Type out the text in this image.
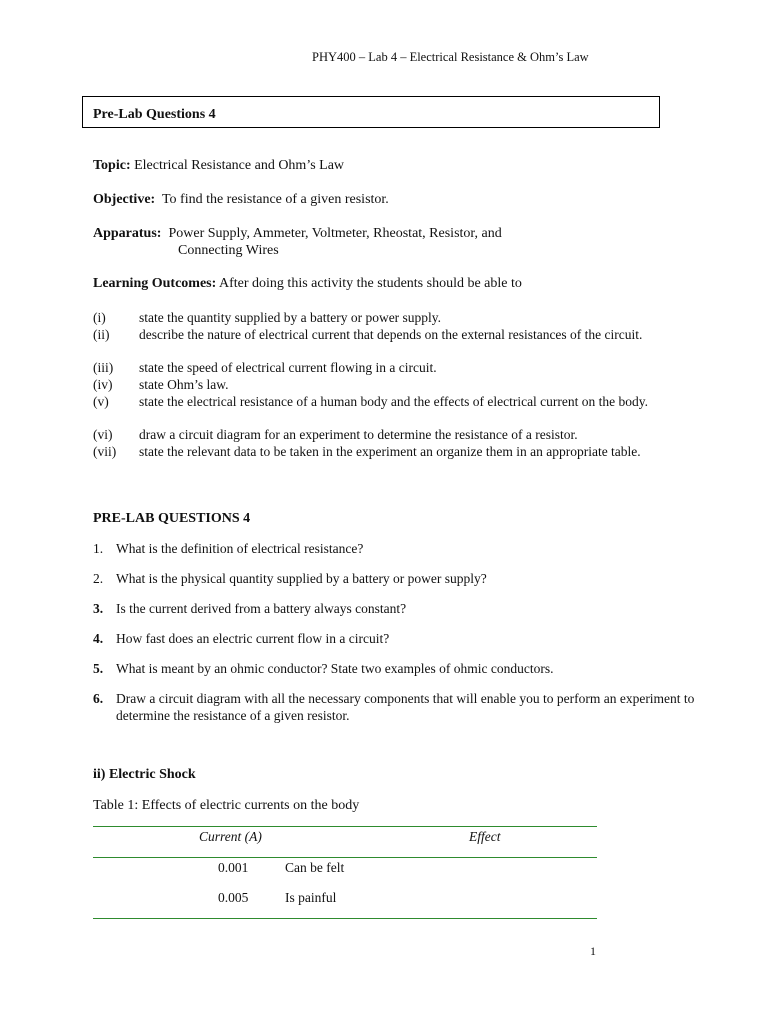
PHY400 – Lab 4 – Electrical Resistance & Ohm’s Law
Pre-Lab Questions 4
Topic: Electrical Resistance and Ohm’s Law
Objective: To find the resistance of a given resistor.
Apparatus: Power Supply, Ammeter, Voltmeter, Rheostat, Resistor, and
Connecting Wires
Learning Outcomes: After doing this activity the students should be able to
(i) state the quantity supplied by a battery or power supply.
(ii) describe the nature of electrical current that depends on the external resistances of the circuit.
(iii) state the speed of electrical current flowing in a circuit.
(iv) state Ohm’s law.
(v) state the electrical resistance of a human body and the effects of electrical current on the body.
(vi) draw a circuit diagram for an experiment to determine the resistance of a resistor.
(vii) state the relevant data to be taken in the experiment an organize them in an appropriate table.
PRE-LAB QUESTIONS 4
1. What is the definition of electrical resistance?
2. What is the physical quantity supplied by a battery or power supply?
3. Is the current derived from a battery always constant?
4. How fast does an electric current flow in a circuit?
5. What is meant by an ohmic conductor? State two examples of ohmic conductors.
6. Draw a circuit diagram with all the necessary components that will enable you to perform an experiment to determine the resistance of a given resistor.
ii) Electric Shock
Table 1: Effects of electric currents on the body
Current (A)	Effect
0.001	Can be felt
0.005	Is painful
1
